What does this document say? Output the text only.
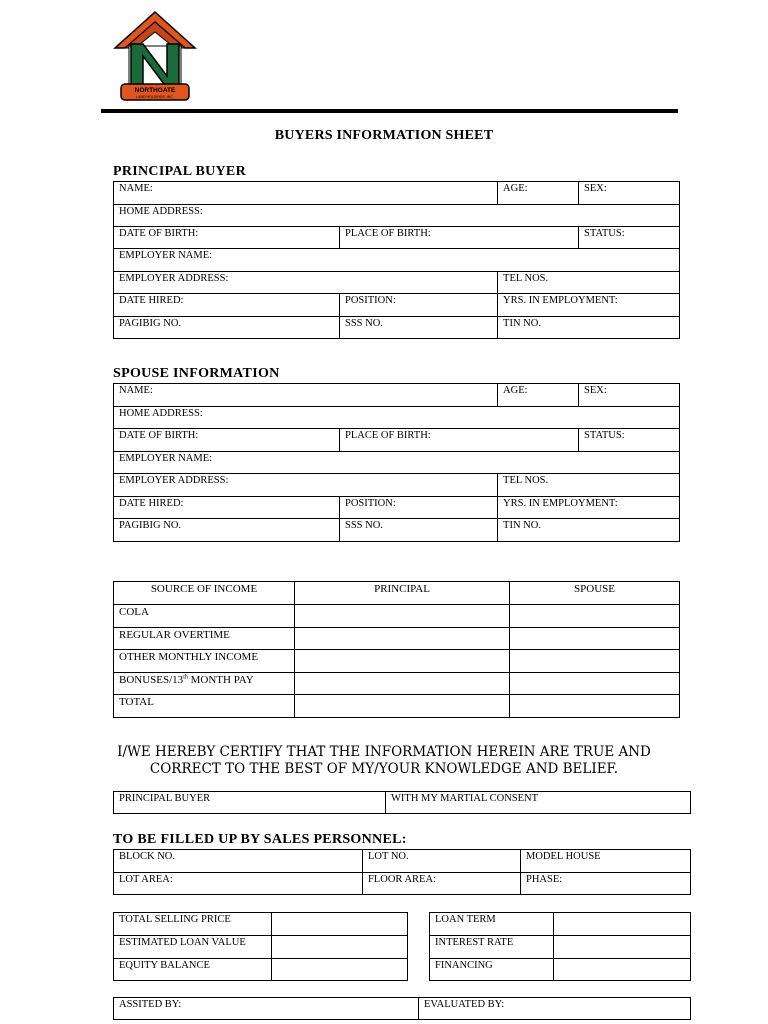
NORTHGATE
LAND HOLDINGS, INC.
BUYERS INFORMATION SHEET
PRINCIPAL BUYER
NAME:		AGE:	SEX:
HOME ADDRESS:			
DATE OF BIRTH:	PLACE OF BIRTH:		STATUS:
EMPLOYER NAME:			
EMPLOYER ADDRESS:		TEL NOS.	
DATE HIRED:	POSITION:	YRS. IN EMPLOYMENT:	
PAGIBIG NO.	SSS NO.	TIN NO.	
SPOUSE INFORMATION
NAME:		AGE:	SEX:
HOME ADDRESS:			
DATE OF BIRTH:	PLACE OF BIRTH:		STATUS:
EMPLOYER NAME:			
EMPLOYER ADDRESS:		TEL NOS.	
DATE HIRED:	POSITION:	YRS. IN EMPLOYMENT:	
PAGIBIG NO.	SSS NO.	TIN NO.	
SOURCE OF INCOME	PRINCIPAL	SPOUSE
COLA		
REGULAR OVERTIME		
OTHER MONTHLY INCOME		
BONUSES/13th MONTH PAY		
TOTAL		
I/WE HEREBY CERTIFY THAT THE INFORMATION HEREIN ARE TRUE AND
CORRECT TO THE BEST OF MY/YOUR KNOWLEDGE AND BELIEF.
PRINCIPAL BUYER	WITH MY MARTIAL CONSENT
TO BE FILLED UP BY SALES PERSONNEL:
BLOCK NO.	LOT NO.	MODEL HOUSE
LOT AREA:	FLOOR AREA:	PHASE:
TOTAL SELLING PRICE	
ESTIMATED LOAN VALUE	
EQUITY BALANCE	
LOAN TERM	
INTEREST RATE	
FINANCING	
ASSITED BY:	EVALUATED BY:
